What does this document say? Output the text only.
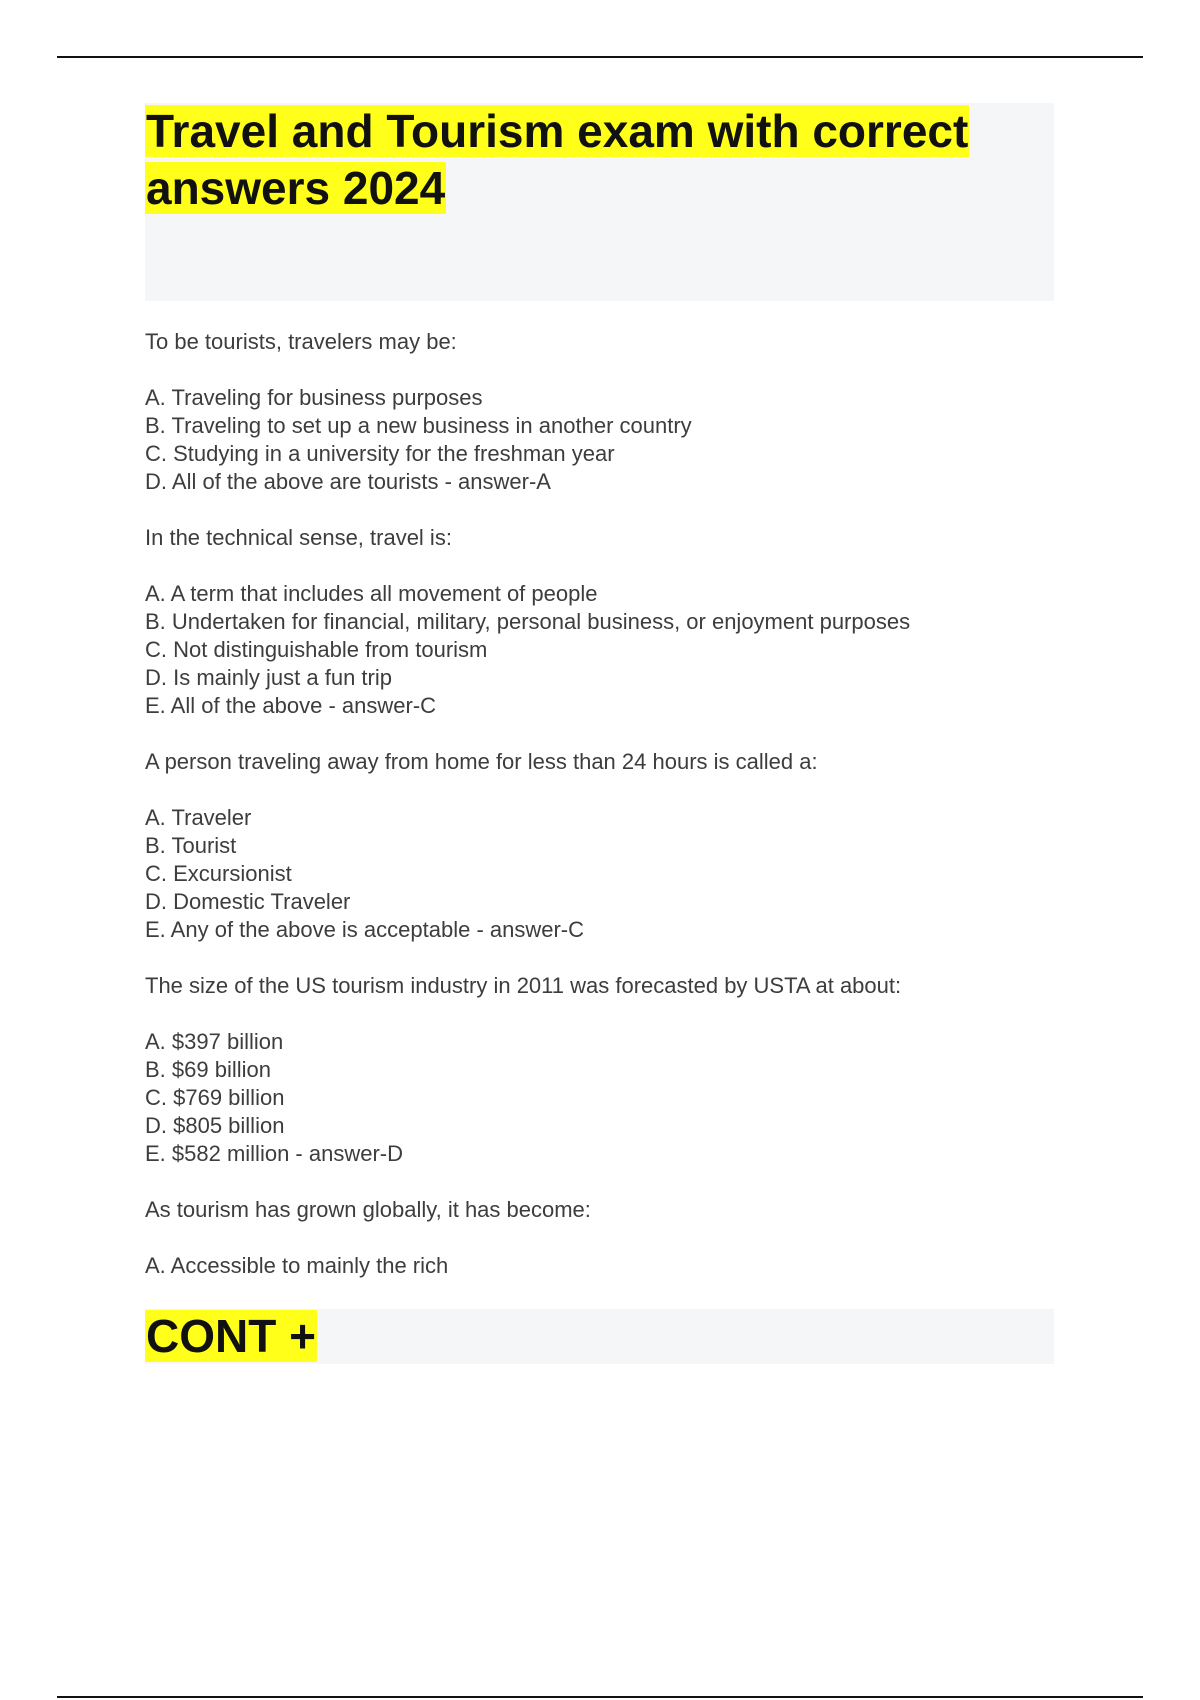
Travel and Tourism exam with correct answers 2024

To be tourists, travelers may be:

A. Traveling for business purposes
B. Traveling to set up a new business in another country
C. Studying in a university for the freshman year
D. All of the above are tourists - answer-A

In the technical sense, travel is:

A. A term that includes all movement of people
B. Undertaken for financial, military, personal business, or enjoyment purposes
C. Not distinguishable from tourism
D. Is mainly just a fun trip
E. All of the above - answer-C

A person traveling away from home for less than 24 hours is called a:

A. Traveler
B. Tourist
C. Excursionist
D. Domestic Traveler
E. Any of the above is acceptable - answer-C

The size of the US tourism industry in 2011 was forecasted by USTA at about:

A. $397 billion
B. $69 billion
C. $769 billion
D. $805 billion
E. $582 million - answer-D

As tourism has grown globally, it has become:

A. Accessible to mainly the rich

CONT +
